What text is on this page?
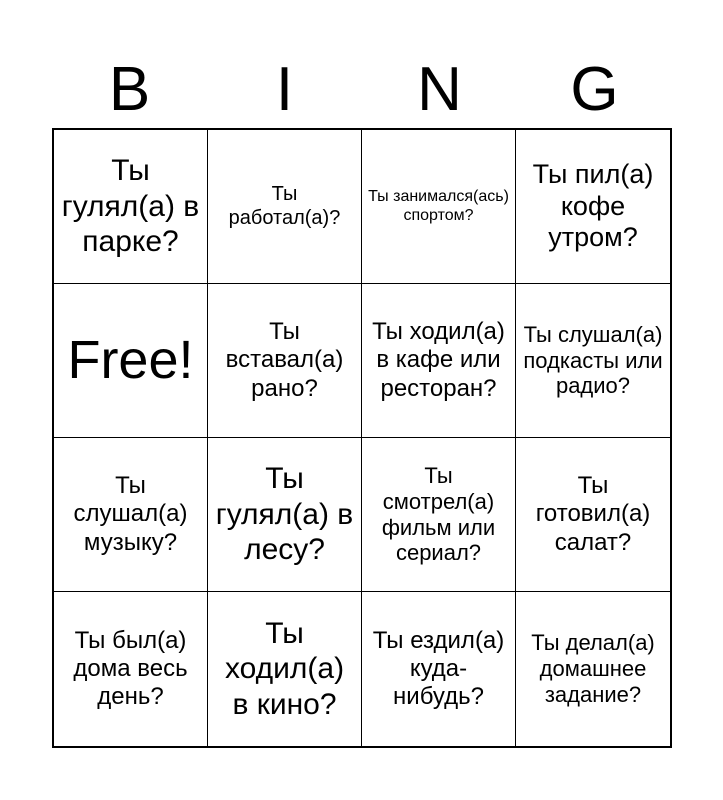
B	I	N	G
Ты гулял(а) в парке?
Ты работал(а)?
Ты занимался(ась) спортом?
Ты пил(а) кофе утром?
Free!	Ты вставал(а) рано?
Ты ходил(а) в кафе или ресторан?
Ты слушал(а) подкасты или радио?
Ты слушал(а) музыку?
Ты гулял(а) в лесу?
Ты смотрел(а) фильм или сериал?
Ты готовил(а) салат?
Ты был(а) дома весь день?
Ты ходил(а) в кино?
Ты ездил(а) куда-нибудь?
Ты делал(а) домашнее задание?
